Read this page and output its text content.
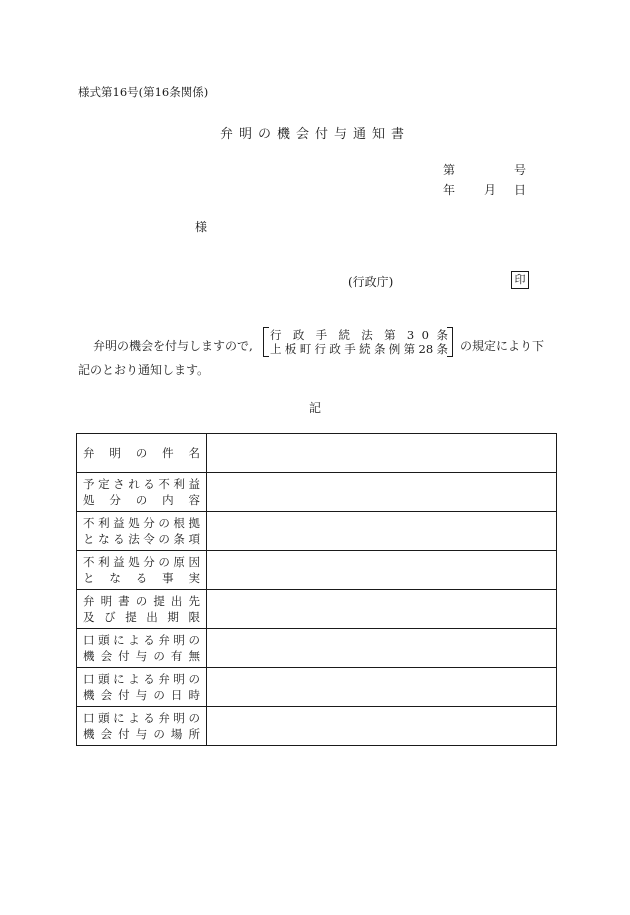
様式第16号(第16条関係)
弁明の機会付与通知書
第	号
年 月 日
様
(行政庁)	印
弁明の機会を付与しますので,
行 政 手 続 法 第 3 0 条
上板町行政手続条例第28条 の規定により下
記のとおり通知します。
記
弁明の件名	

予定される不利益
処分の内容	

不利益処分の根拠
となる法令の条項	

不利益処分の原因
となる事実	

弁明書の提出先
及び提出期限	

口頭による弁明の
機会付与の有無	

口頭による弁明の
機会付与の日時	

口頭による弁明の
機会付与の場所	
